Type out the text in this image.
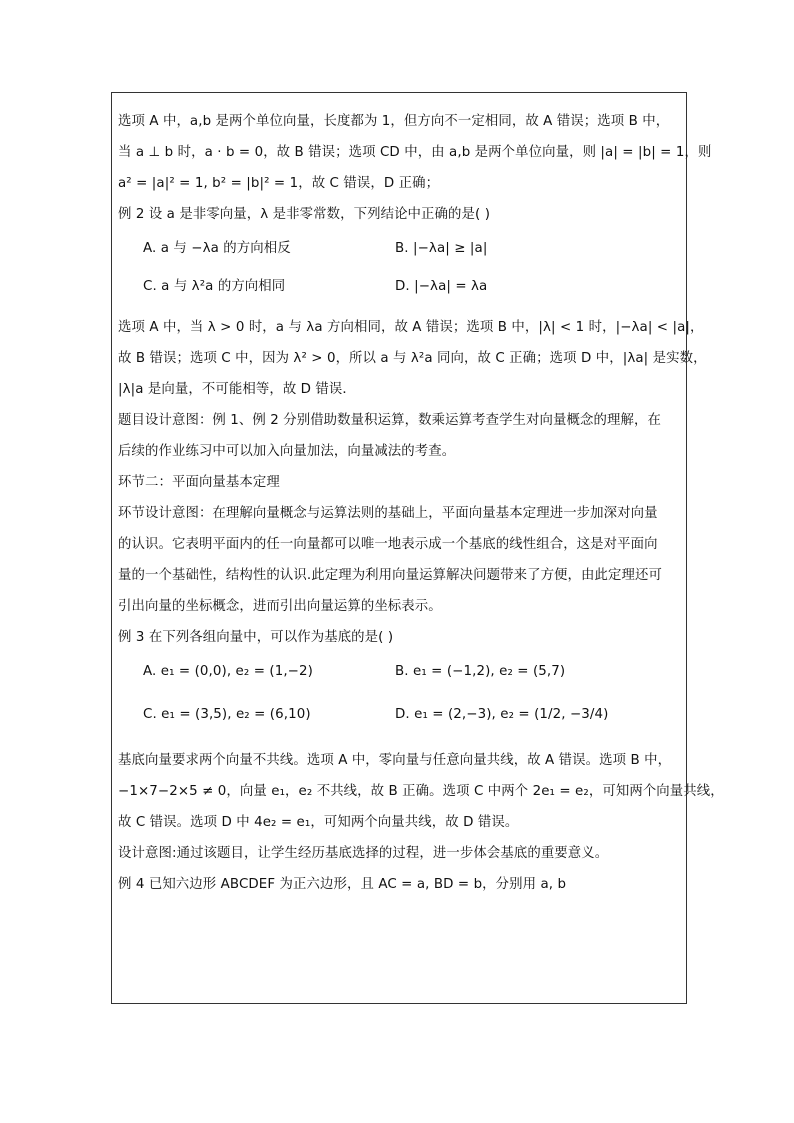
选项 A 中，a,b 是两个单位向量，长度都为 1，但方向不一定相同，故 A 错误；选项 B 中，
当 a ⊥ b 时，a · b = 0，故 B 错误；选项 CD 中，由 a,b 是两个单位向量，则 |a| = |b| = 1，则
a² = |a|² = 1, b² = |b|² = 1，故 C 错误，D 正确；
例 2 设 a 是非零向量，λ 是非零常数，下列结论中正确的是( )
A. a 与 −λa 的方向相反	B. |−λa| ≥ |a|
C. a 与 λ²a 的方向相同	D. |−λa| = λa
选项 A 中，当 λ > 0 时，a 与 λa 方向相同，故 A 错误；选项 B 中，|λ| < 1 时，|−λa| < |a|，
故 B 错误；选项 C 中，因为 λ² > 0，所以 a 与 λ²a 同向，故 C 正确；选项 D 中，|λa| 是实数，
|λ|a 是向量，不可能相等，故 D 错误．
题目设计意图：例 1、例 2 分别借助数量积运算，数乘运算考查学生对向量概念的理解，在
后续的作业练习中可以加入向量加法，向量减法的考查。
环节二：平面向量基本定理
环节设计意图：在理解向量概念与运算法则的基础上，平面向量基本定理进一步加深对向量
的认识。它表明平面内的任一向量都可以唯一地表示成一个基底的线性组合，这是对平面向
量的一个基础性，结构性的认识.此定理为利用向量运算解决问题带来了方便，由此定理还可
引出向量的坐标概念，进而引出向量运算的坐标表示。
例 3 在下列各组向量中，可以作为基底的是( )
A. e₁ = (0,0), e₂ = (1,−2)	B. e₁ = (−1,2), e₂ = (5,7)
C. e₁ = (3,5), e₂ = (6,10)	D. e₁ = (2,−3), e₂ = (1/2, −3/4)
基底向量要求两个向量不共线。选项 A 中，零向量与任意向量共线，故 A 错误。选项 B 中，
−1×7−2×5 ≠ 0，向量 e₁，e₂ 不共线，故 B 正确。选项 C 中两个 2e₁ = e₂，可知两个向量共线，
故 C 错误。选项 D 中 4e₂ = e₁，可知两个向量共线，故 D 错误。
设计意图:通过该题目，让学生经历基底选择的过程，进一步体会基底的重要意义。
例 4 已知六边形 ABCDEF 为正六边形，且 AC = a, BD = b，分别用 a, b
